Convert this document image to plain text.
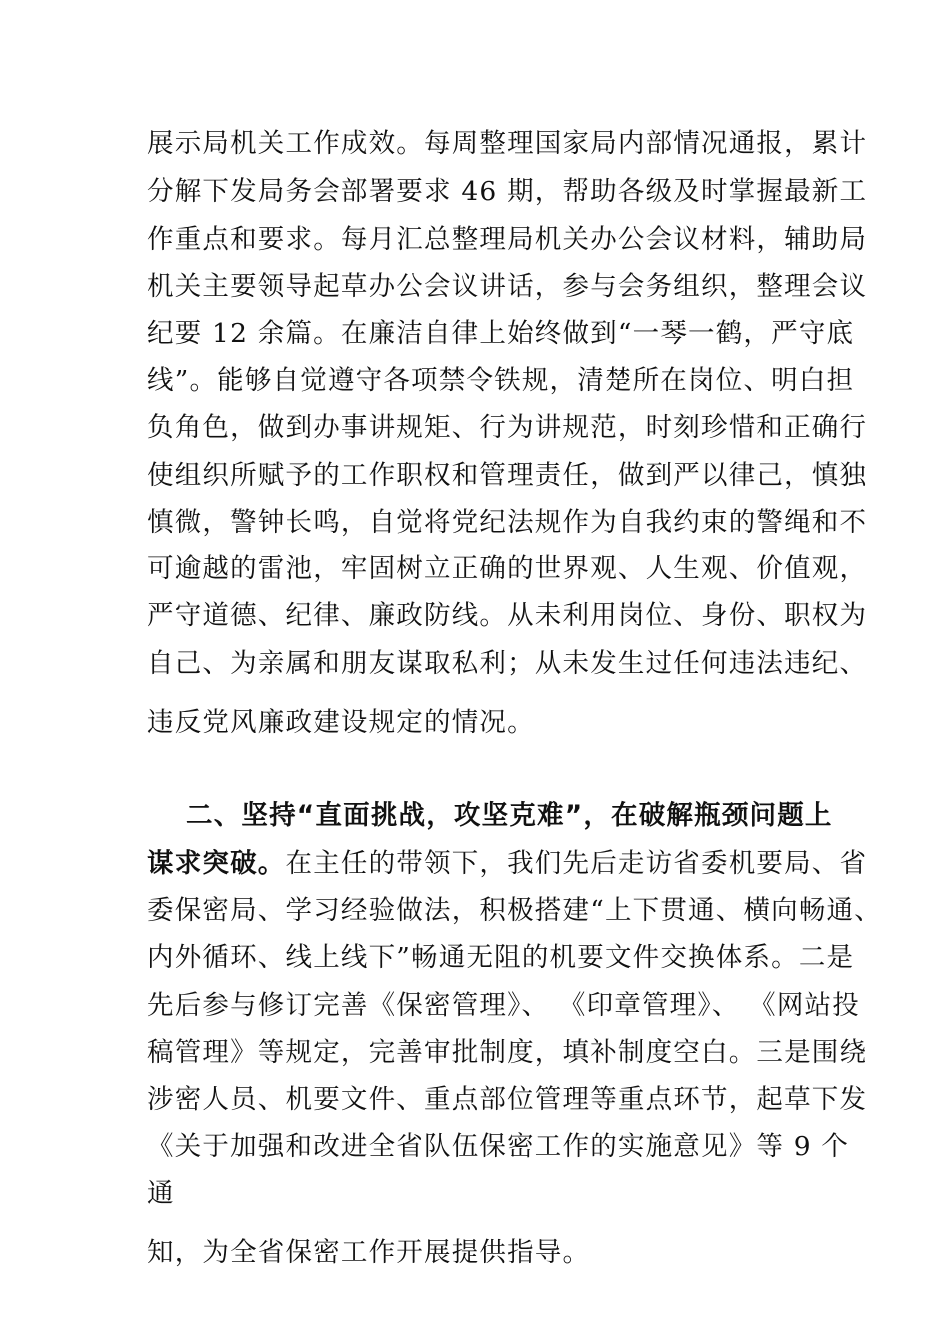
展示局机关工作成效。每周整理国家局内部情况通报，累计
分解下发局务会部署要求 46 期，帮助各级及时掌握最新工
作重点和要求。每月汇总整理局机关办公会议材料，辅助局
机关主要领导起草办公会议讲话，参与会务组织，整理会议
纪要 12 余篇。在廉洁自律上始终做到“一琴一鹤，严守底
线”。能够自觉遵守各项禁令铁规，清楚所在岗位、明白担
负角色，做到办事讲规矩、行为讲规范，时刻珍惜和正确行
使组织所赋予的工作职权和管理责任，做到严以律己，慎独
慎微，警钟长鸣，自觉将党纪法规作为自我约束的警绳和不
可逾越的雷池，牢固树立正确的世界观、人生观、价值观，
严守道德、纪律、廉政防线。从未利用岗位、身份、职权为
自己、为亲属和朋友谋取私利；从未发生过任何违法违纪、
违反党风廉政建设规定的情况。
二、坚持“直面挑战，攻坚克难”，在破解瓶颈问题上
谋求突破。在主任的带领下，我们先后走访省委机要局、省
委保密局、学习经验做法，积极搭建“上下贯通、横向畅通、
内外循环、线上线下”畅通无阻的机要文件交换体系。二是
先后参与修订完善《保密管理》、 《印章管理》、 《网站投
稿管理》等规定，完善审批制度，填补制度空白。三是围绕
涉密人员、机要文件、重点部位管理等重点环节，起草下发
《关于加强和改进全省队伍保密工作的实施意见》等 9 个
通
知，为全省保密工作开展提供指导。
